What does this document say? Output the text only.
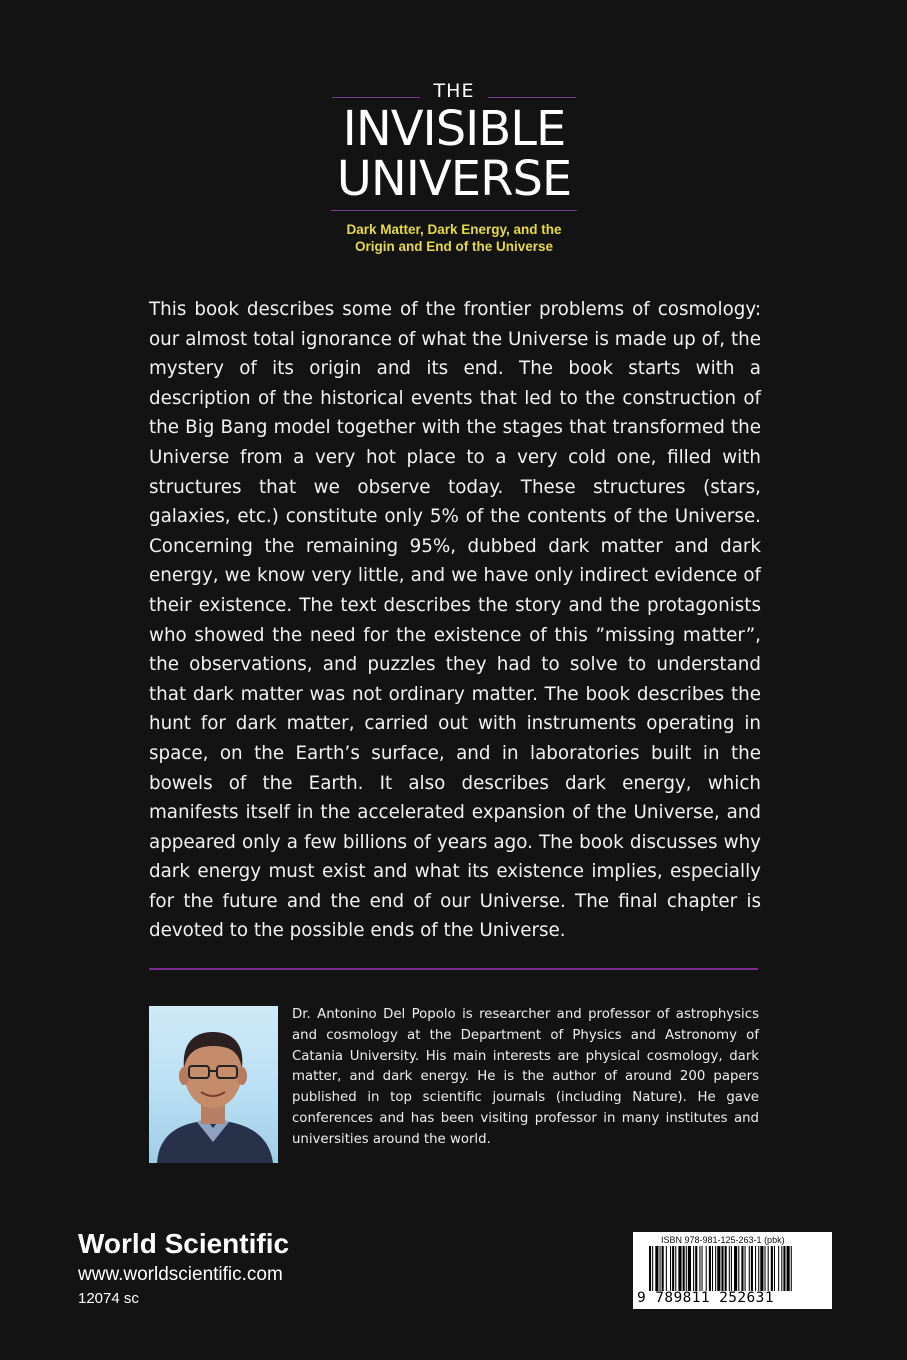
THE
INVISIBLE
UNIVERSE
Dark Matter, Dark Energy, and the
Origin and End of the Universe

This book describes some of the frontier problems of cosmology: our almost total ignorance of what the Universe is made up of, the mystery of its origin and its end. The book starts with a description of the historical events that led to the construction of the Big Bang model together with the stages that transformed the Universe from a very hot place to a very cold one, filled with structures that we observe today. These structures (stars, galaxies, etc.) constitute only 5% of the contents of the Universe. Concerning the remaining 95%, dubbed dark matter and dark energy, we know very little, and we have only indirect evidence of their existence. The text describes the story and the protagonists who showed the need for the existence of this ”missing matter”, the observations, and puzzles they had to solve to understand that dark matter was not ordinary matter. The book describes the hunt for dark matter, carried out with instruments operating in space, on the Earth’s surface, and in laboratories built in the bowels of the Earth. It also describes dark energy, which manifests itself in the accelerated expansion of the Universe, and appeared only a few billions of years ago. The book discusses why dark energy must exist and what its existence implies, especially for the future and the end of our Universe. The final chapter is devoted to the possible ends of the Universe.

Dr. Antonino Del Popolo is researcher and professor of astrophysics and cosmology at the Department of Physics and Astronomy of Catania University. His main interests are physical cosmology, dark matter, and dark energy. He is the author of around 200 papers published in top scientific journals (including Nature). He gave conferences and has been visiting professor in many institutes and universities around the world.

World Scientific
www.worldscientific.com
12074 sc
ISBN 978-981-125-263-1 (pbk)
9 789811 252631
